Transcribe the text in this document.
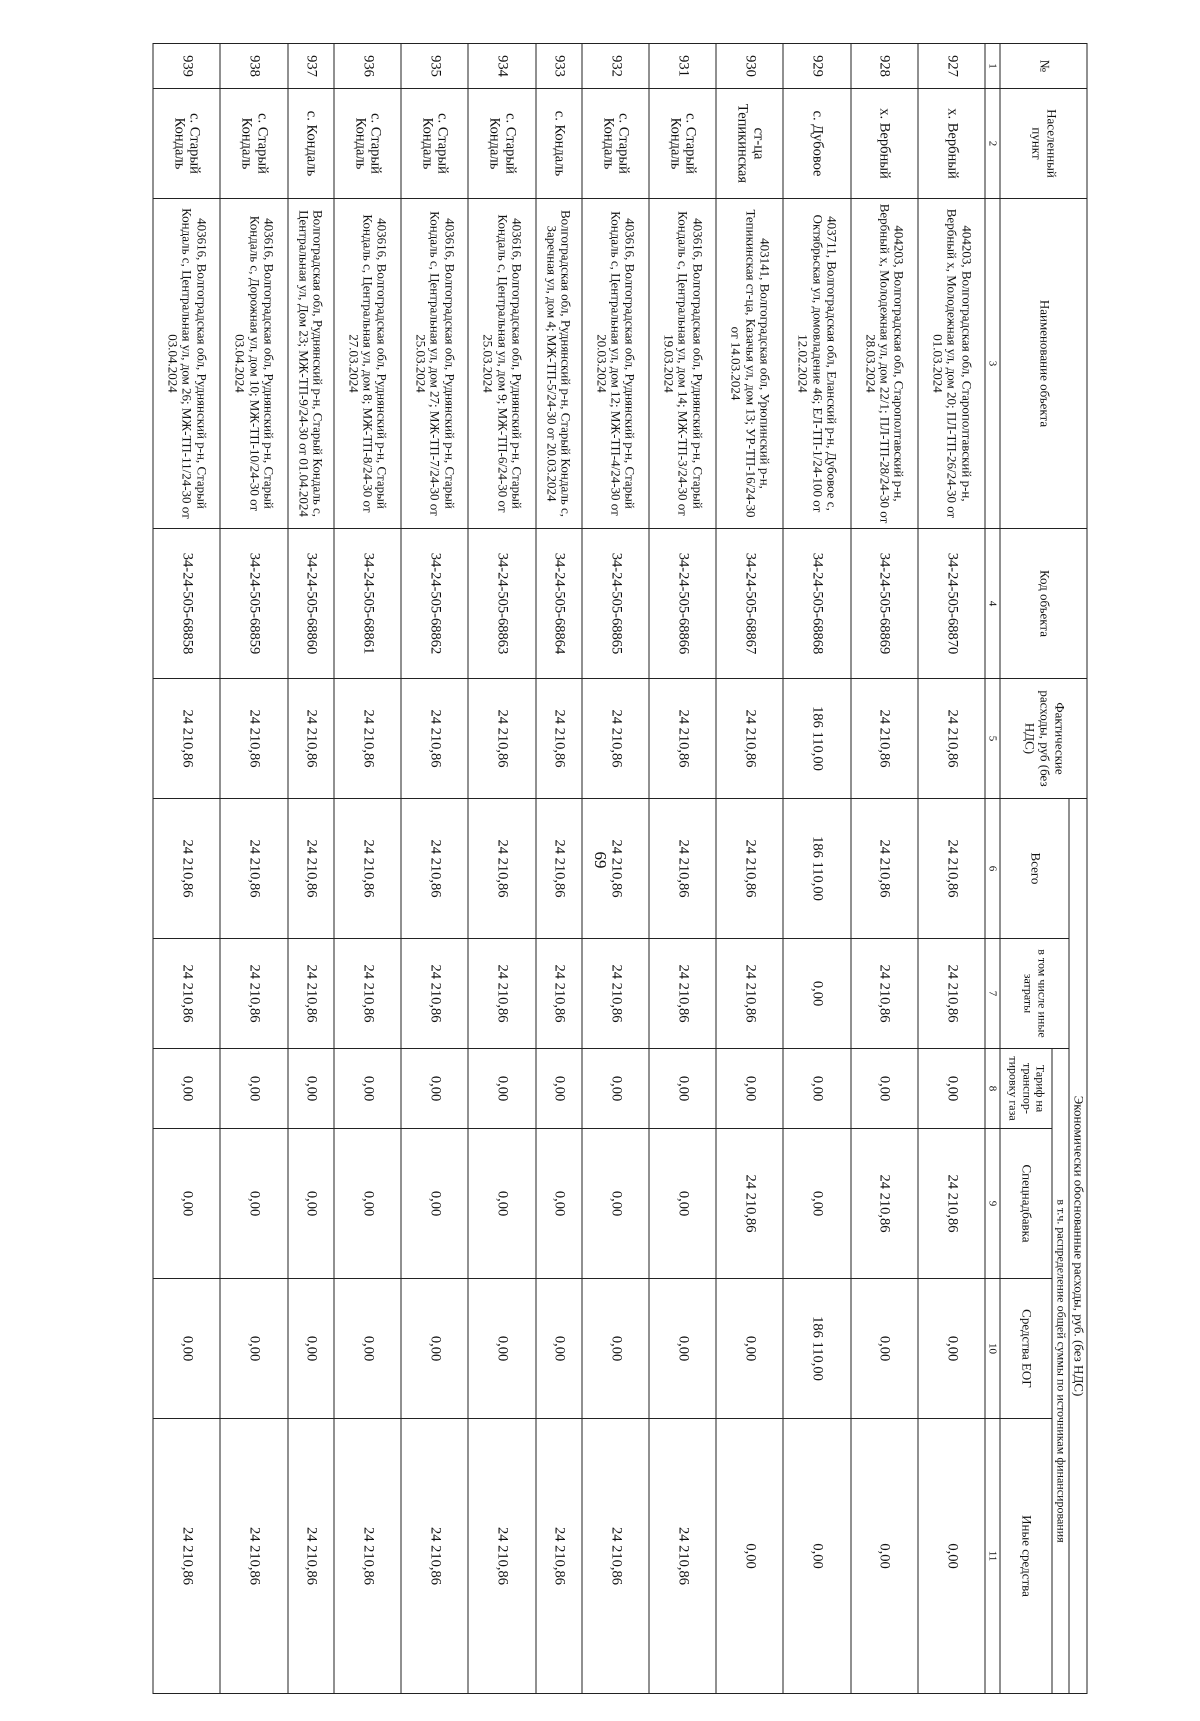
69
№	Населенный пункт	Наименование объекта	Код объекта	Фактические расходы, руб (без НДС)	Экономически обоснованные расходы, руб. (без НДС)					
					Всего	в том числе иные затраты	в т.ч. распределение общей суммы по источникам финансирования			
							Тариф на транспор-тировку газа	Спецнадбавка	Средства ЕОГ	Иные средства
1	2	3	4	5	6	7	8	9	10	11
927	х. Вербный	404203, Волгоградская обл, Старополтавский р-н, Вербный х, Молодежная ул, дом 20; ПЛ-ТП-26/24-30 от 01.03.2024	34-24-505-68870	24 210,86	24 210,86	24 210,86	0,00	24 210,86	0,00	0,00
928	х. Вербный	404203, Волгоградская обл, Старополтавский р-н, Вербный х, Молодежная ул, дом 22/1; ПЛ-ТП-28/24-30 от 28.03.2024	34-24-505-68869	24 210,86	24 210,86	24 210,86	0,00	24 210,86	0,00	0,00
929	с. Дубовое	403711, Волгоградская обл, Еланский р-н, Дубовое с, Октябрьская ул, домовладение 46; ЕЛ-ТП-1/24-100 от 12.02.2024	34-24-505-68868	186 110,00	186 110,00	0,00	0,00	0,00	186 110,00	0,00
930	ст-ца Тепикинская	403141, Волгоградская обл, Урюпинский р-н, Тепикинская ст-ца, Казачья ул, дом 13; УР-ТП-16/24-30 от 14.03.2024	34-24-505-68867	24 210,86	24 210,86	24 210,86	0,00	24 210,86	0,00	0,00
931	с. Старый Кондаль	403616, Волгоградская обл, Руднянский р-н, Старый Кондаль с, Центральная ул, дом 14; МЖ-ТП-3/24-30 от 19.03.2024	34-24-505-68866	24 210,86	24 210,86	24 210,86	0,00	0,00	0,00	24 210,86
932	с. Старый Кондаль	403616, Волгоградская обл, Руднянский р-н, Старый Кондаль с, Центральная ул, дом 12; МЖ-ТП-4/24-30 от 20.03.2024	34-24-505-68865	24 210,86	24 210,86	24 210,86	0,00	0,00	0,00	24 210,86
933	с. Кондаль	Волгоградская обл, Руднянский р-н, Старый Кондаль с, Заречная ул, дом 4; МЖ-ТП-5/24-30 от 20.03.2024	34-24-505-68864	24 210,86	24 210,86	24 210,86	0,00	0,00	0,00	24 210,86
934	с. Старый Кондаль	403616, Волгоградская обл, Руднянский р-н, Старый Кондаль с, Центральная ул, дом 9; МЖ-ТП-6/24-30 от 25.03.2024	34-24-505-68863	24 210,86	24 210,86	24 210,86	0,00	0,00	0,00	24 210,86
935	с. Старый Кондаль	403616, Волгоградская обл, Руднянский р-н, Старый Кондаль с, Центральная ул, дом 27; МЖ-ТП-7/24-30 от 25.03.2024	34-24-505-68862	24 210,86	24 210,86	24 210,86	0,00	0,00	0,00	24 210,86
936	с. Старый Кондаль	403616, Волгоградская обл, Руднянский р-н, Старый Кондаль с, Центральная ул, дом 8; МЖ-ТП-8/24-30 от 27.03.2024	34-24-505-68861	24 210,86	24 210,86	24 210,86	0,00	0,00	0,00	24 210,86
937	с. Кондаль	Волгоградская обл, Руднянский р-н, Старый Кондаль с, Центральная ул, Дом 23; МЖ-ТП-9/24-30 от 01.04.2024	34-24-505-68860	24 210,86	24 210,86	24 210,86	0,00	0,00	0,00	24 210,86
938	с. Старый Кондаль	403616, Волгоградская обл, Руднянский р-н, Старый Кондаль с, Дорожная ул, дом 10; МЖ-ТП-10/24-30 от 03.04.2024	34-24-505-68859	24 210,86	24 210,86	24 210,86	0,00	0,00	0,00	24 210,86
939	с. Старый Кондаль	403616, Волгоградская обл, Руднянский р-н, Старый Кондаль с, Центральная ул, дом 26; МЖ-ТП-11/24-30 от 03.04.2024	34-24-505-68858	24 210,86	24 210,86	24 210,86	0,00	0,00	0,00	24 210,86
